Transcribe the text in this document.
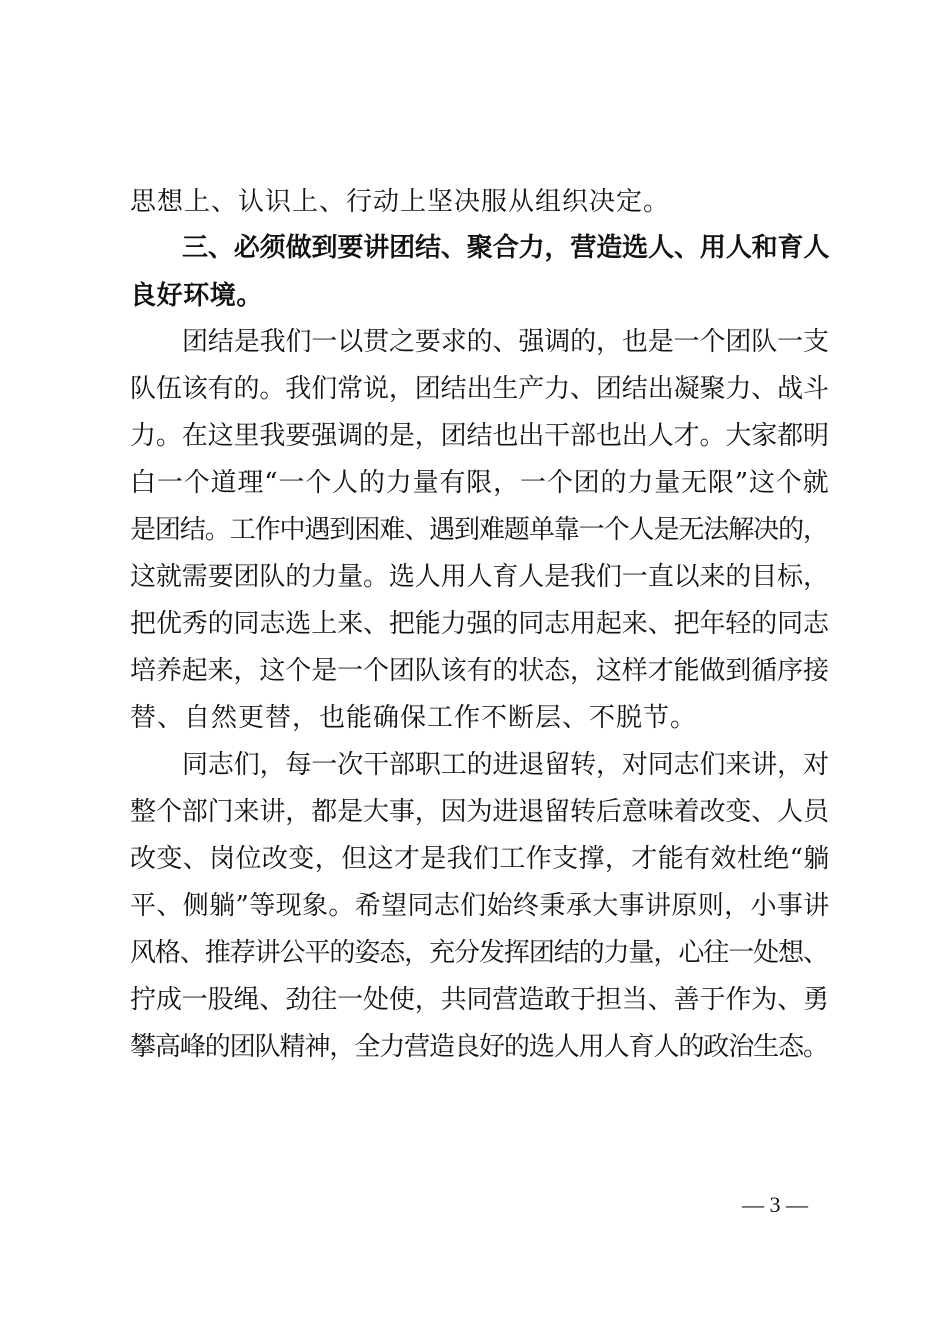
思想上、认识上、行动上坚决服从组织决定。
三、必须做到要讲团结、聚合力，营造选人、用人和育人
良好环境。
团结是我们一以贯之要求的、强调的，也是一个团队一支
队伍该有的。我们常说，团结出生产力、团结出凝聚力、战斗
力。在这里我要强调的是，团结也出干部也出人才。大家都明
白一个道理“一个人的力量有限，一个团的力量无限”这个就
是团结。工作中遇到困难、遇到难题单靠一个人是无法解决的，
这就需要团队的力量。选人用人育人是我们一直以来的目标，
把优秀的同志选上来、把能力强的同志用起来、把年轻的同志
培养起来，这个是一个团队该有的状态，这样才能做到循序接
替、自然更替，也能确保工作不断层、不脱节。
同志们，每一次干部职工的进退留转，对同志们来讲，对
整个部门来讲，都是大事，因为进退留转后意味着改变、人员
改变、岗位改变，但这才是我们工作支撑，才能有效杜绝“躺
平、侧躺”等现象。希望同志们始终秉承大事讲原则，小事讲
风格、推荐讲公平的姿态，充分发挥团结的力量，心往一处想、
拧成一股绳、劲往一处使，共同营造敢于担当、善于作为、勇
攀高峰的团队精神，全力营造良好的选人用人育人的政治生态。
— 3 —
